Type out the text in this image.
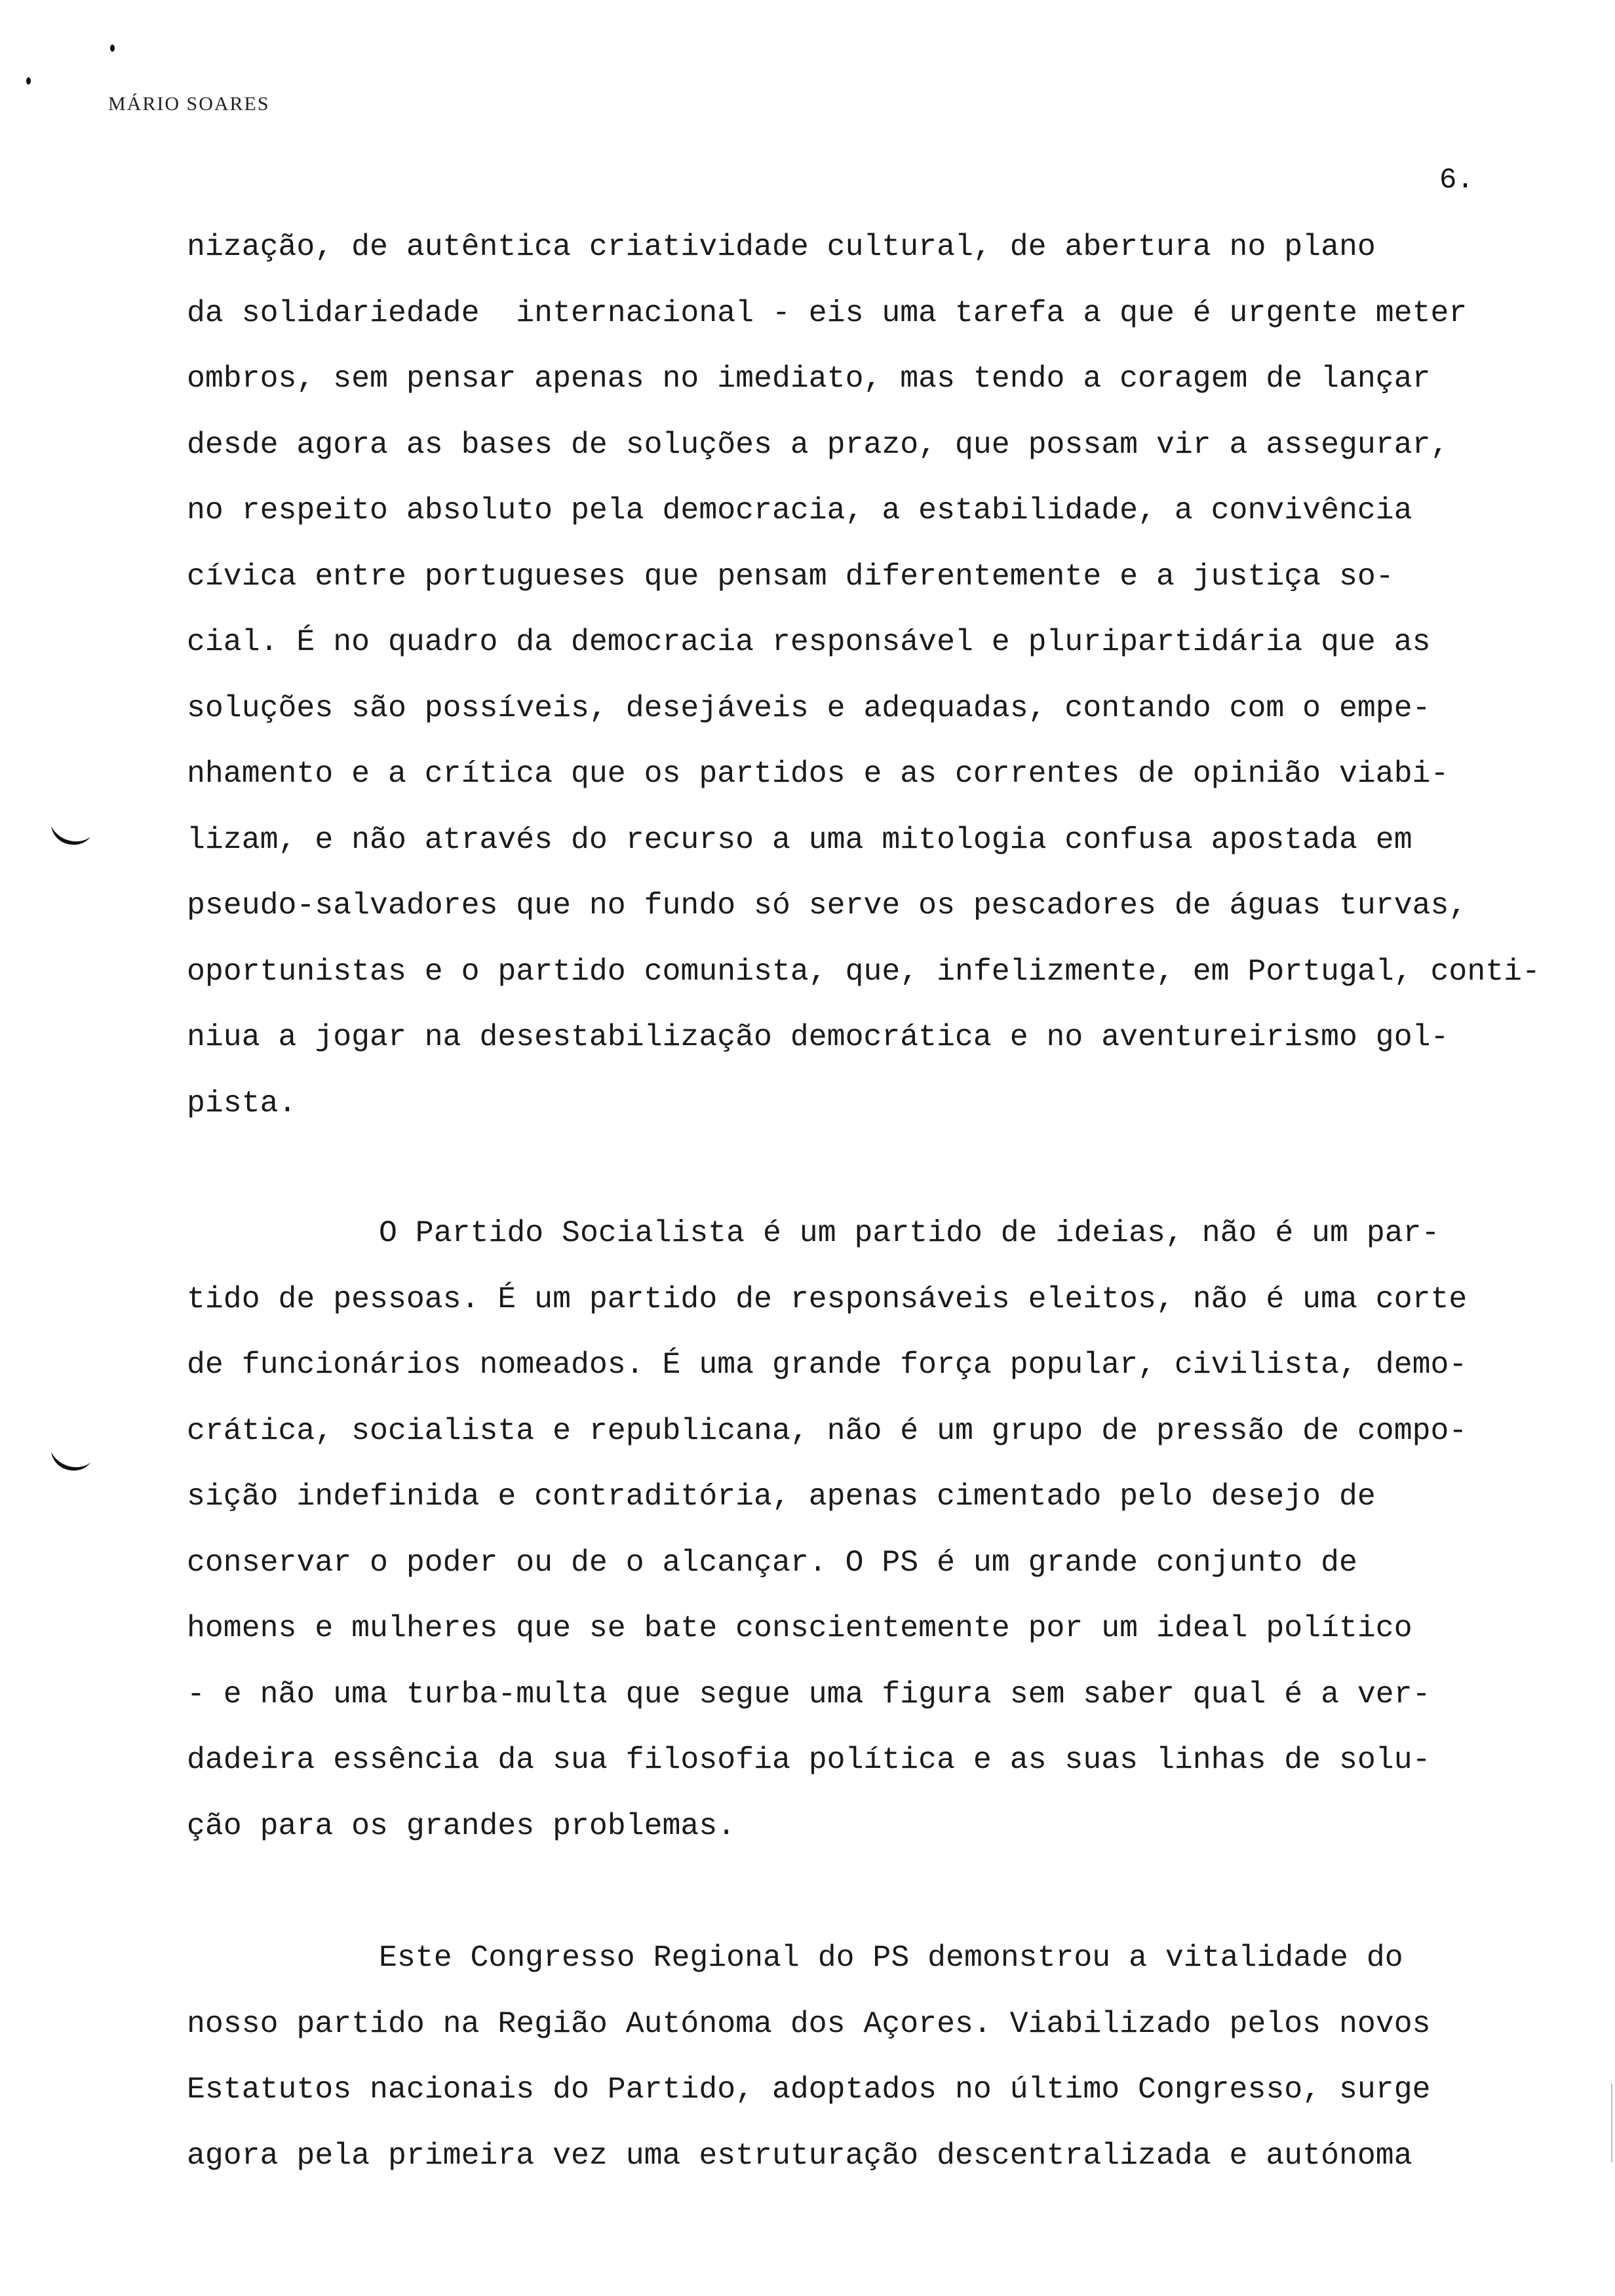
MÁRIO SOARES
6.
nização, de autêntica criatividade cultural, de abertura no plano
da solidariedade  internacional - eis uma tarefa a que é urgente meter
ombros, sem pensar apenas no imediato, mas tendo a coragem de lançar
desde agora as bases de soluções a prazo, que possam vir a assegurar,
no respeito absoluto pela democracia, a estabilidade, a convivência
cívica entre portugueses que pensam diferentemente e a justiça so-
cial. É no quadro da democracia responsável e pluripartidária que as
soluções são possíveis, desejáveis e adequadas, contando com o empe-
nhamento e a crítica que os partidos e as correntes de opinião viabi-
lizam, e não através do recurso a uma mitologia confusa apostada em
pseudo-salvadores que no fundo só serve os pescadores de águas turvas,
oportunistas e o partido comunista, que, infelizmente, em Portugal, conti-
niua a jogar na desestabilização democrática e no aventureirismo gol-
pista.
O Partido Socialista é um partido de ideias, não é um par-
tido de pessoas. É um partido de responsáveis eleitos, não é uma corte
de funcionários nomeados. É uma grande força popular, civilista, demo-
crática, socialista e republicana, não é um grupo de pressão de compo-
sição indefinida e contraditória, apenas cimentado pelo desejo de
conservar o poder ou de o alcançar. O PS é um grande conjunto de
homens e mulheres que se bate conscientemente por um ideal político
- e não uma turba-multa que segue uma figura sem saber qual é a ver-
dadeira essência da sua filosofia política e as suas linhas de solu-
ção para os grandes problemas.
Este Congresso Regional do PS demonstrou a vitalidade do
nosso partido na Região Autónoma dos Açores. Viabilizado pelos novos
Estatutos nacionais do Partido, adoptados no último Congresso, surge
agora pela primeira vez uma estruturação descentralizada e autónoma
